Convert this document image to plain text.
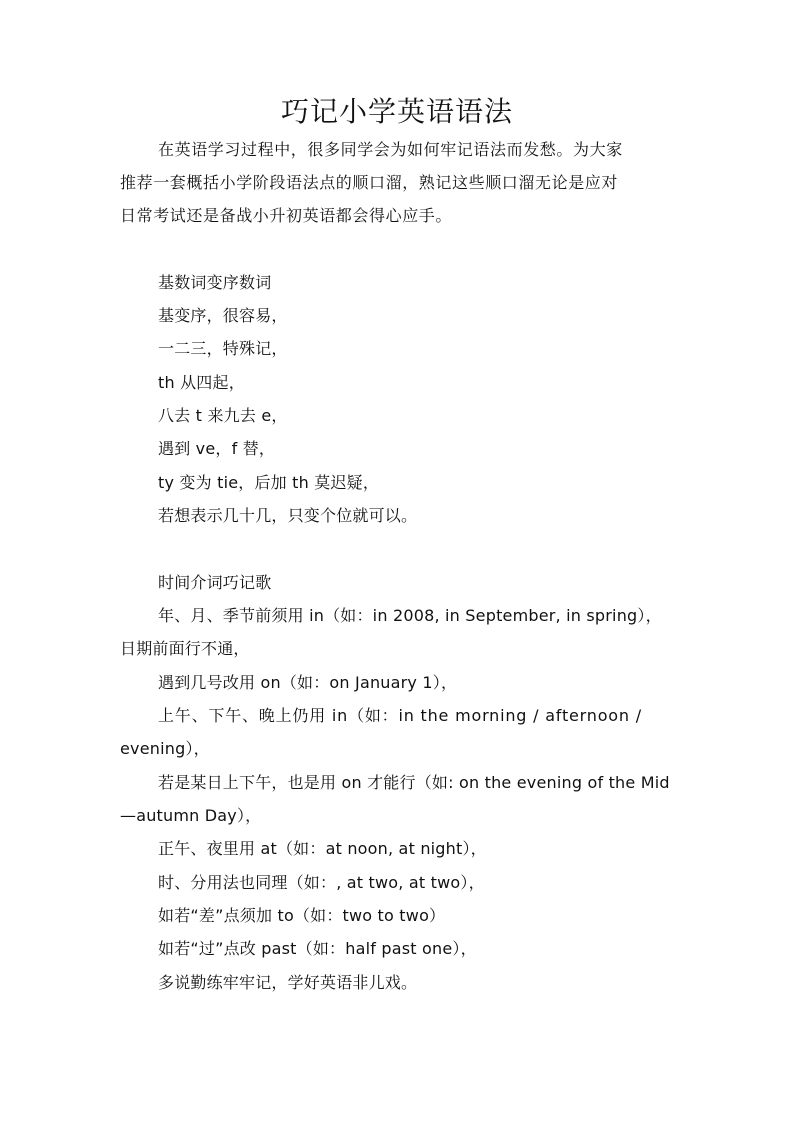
巧记小学英语语法
在英语学习过程中，很多同学会为如何牢记语法而发愁。为大家
推荐一套概括小学阶段语法点的顺口溜，熟记这些顺口溜无论是应对
日常考试还是备战小升初英语都会得心应手。
基数词变序数词
基变序，很容易，
一二三，特殊记，
th 从四起，
八去 t 来九去 e，
遇到 ve，f 替，
ty 变为 tie，后加 th 莫迟疑，
若想表示几十几，只变个位就可以。
时间介词巧记歌
年、月、季节前须用 in（如：in 2008, in September, in spring），
日期前面行不通，
遇到几号改用 on（如：on January 1），
上午、下午、晚上仍用 in（如：in the morning / afternoon /
evening），
若是某日上下午，也是用 on 才能行（如: on the evening of the Mid
—autumn Day），
正午、夜里用 at（如：at noon, at night），
时、分用法也同理（如：, at two, at two），
如若“差”点须加 to（如：two to two）
如若“过”点改 past（如：half past one），
多说勤练牢牢记，学好英语非儿戏。
